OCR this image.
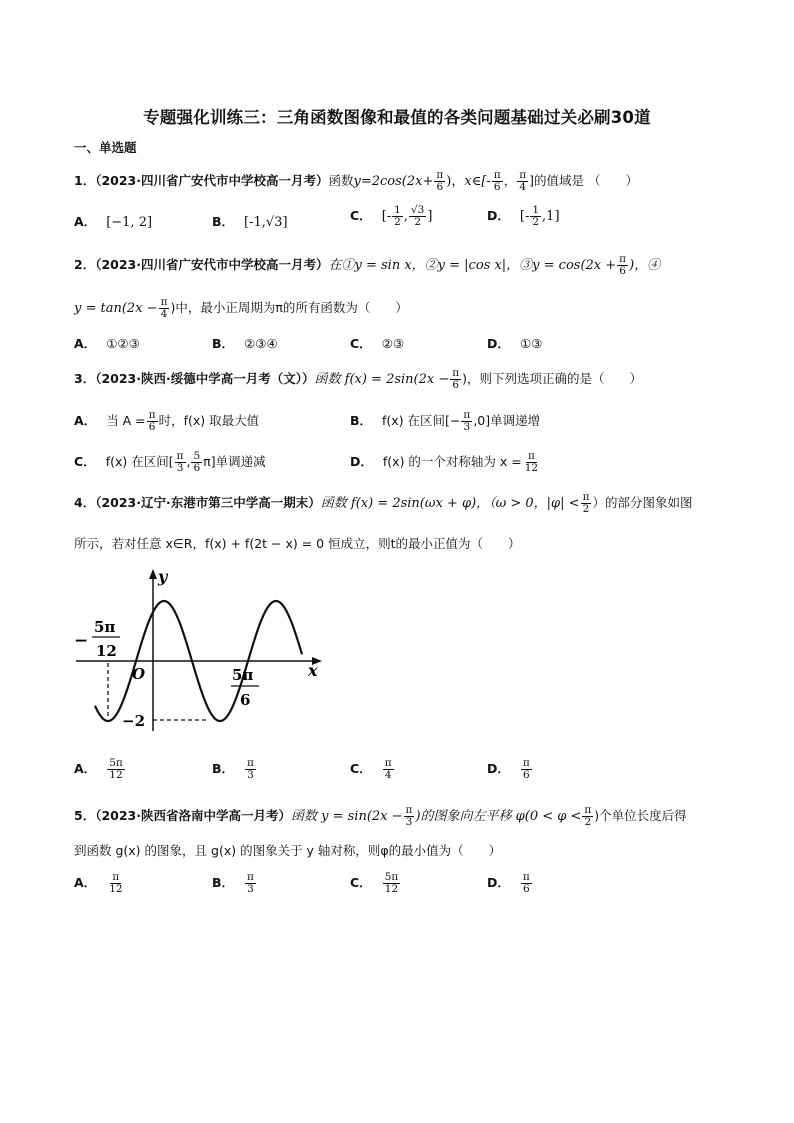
专题强化训练三：三角函数图像和最值的各类问题基础过关必刷30道
一、单选题
1．（2023·四川省广安代市中学校高一月考）函数$y=2\cos(2x+ \frac{\pi}{6}$ )，x∈[- $\frac{\pi}{6}$ ， $\frac{\pi}{4}$ ]的值域是 （　　）
A． [−1, 2]	B． [-1,√3]	C． [- $\frac{1}{2}$ , $\frac{√3}{2}$ ]	D． [- $\frac{1}{2} ,1$]
2．（2023·四川省广安代市中学校高一月考）在①y = sin x，②y = |cos x|，③y = $\cos(2x + \frac{\pi}{6}$ )，④
$y = \tan(2x - \frac{\pi}{4}$ )中，最小正周期为π的所有函数为（　　）
A． ①②③	B． ②③④	C． ②③	D． ①③
3．（2023·陕西·绥德中学高一月考（文））函数 $f(x) = 2\sin(2x - \frac{\pi}{6}$ )，则下列选项正确的是（　　）
A． 当 $A = \frac{\pi}{6}$ 时，f(x) 取最大值	B． f(x) 在区间[− $\frac{\pi}{3} ,0$]单调递增
C． f(x) 在区间[ $\frac{\pi}{3}$ , $\frac{5}{6} \pi$]单调递减	D． f(x) 的一个对称轴为 $x = \frac{\pi}{12}$
4．（2023·辽宁·东港市第三中学高一期末）函数 f(x) = 2sin(ωx + φ)，（ω > 0，$|\varphi| < \frac{\pi}{2}$ ）的部分图象如图
所示，若对任意 x∈R，f(x) + f(2t − x) = 0 恒成立，则t的最小正值为（　　）
y
x
O
−
5π
12
5π
6
−2
A． $\frac{5\pi}{12}$	B． $\frac{\pi}{3}$	C． $\frac{\pi}{4}$	D． $\frac{\pi}{6}$
5．（2023·陕西省洛南中学高一月考）函数 $y = \sin(2x - \frac{\pi}{3}$ )的图象向左平移 $\varphi(0 < \varphi < \frac{\pi}{2}$ )个单位长度后得
到函数 g(x) 的图象，且 g(x) 的图象关于 y 轴对称，则φ的最小值为（　　）
A． $\frac{\pi}{12}$	B． $\frac{\pi}{3}$	C． $\frac{5\pi}{12}$	D． $\frac{\pi}{6}$
